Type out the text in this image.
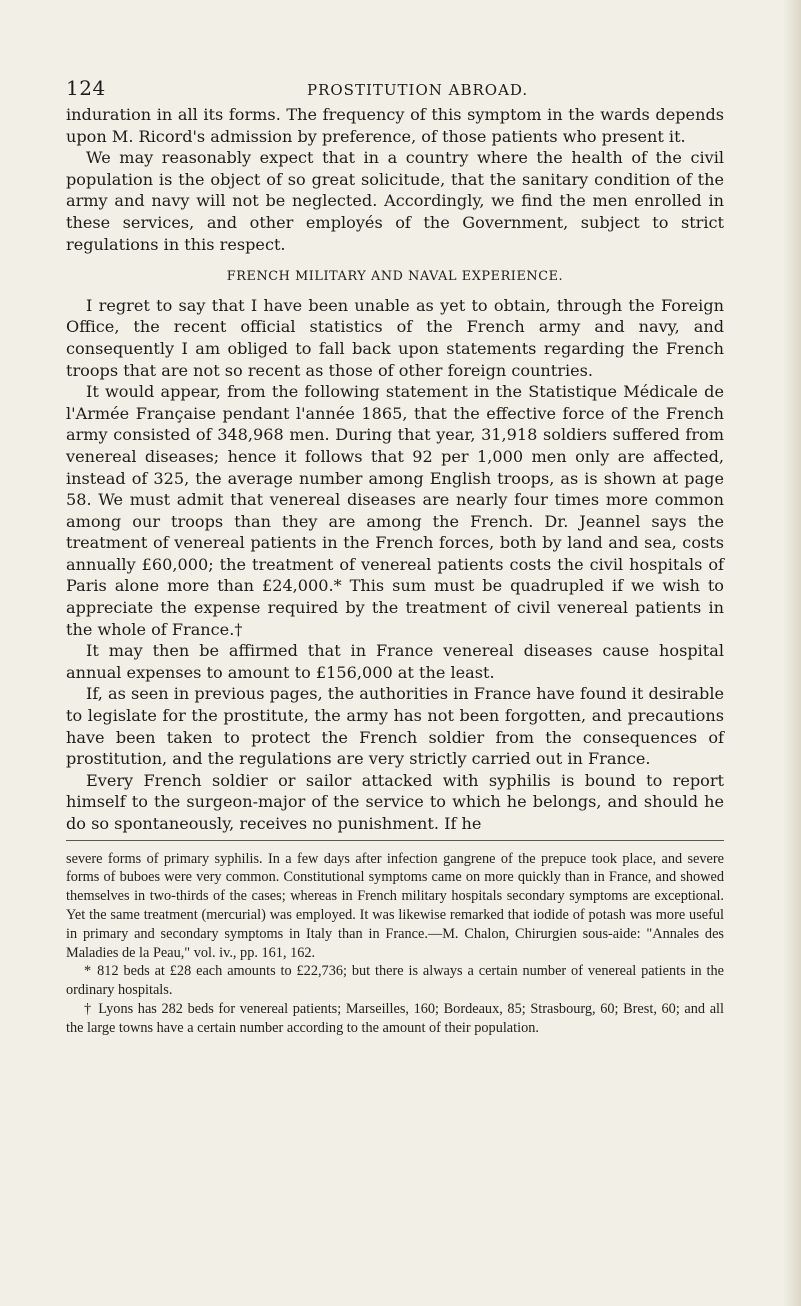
124	PROSTITUTION ABROAD.

induration in all its forms. The frequency of this symptom in the wards depends upon M. Ricord's admission by preference, of those patients who present it.

We may reasonably expect that in a country where the health of the civil population is the object of so great solicitude, that the sanitary condition of the army and navy will not be neglected. Accordingly, we find the men enrolled in these services, and other employés of the Government, subject to strict regulations in this respect.

FRENCH MILITARY AND NAVAL EXPERIENCE.

I regret to say that I have been unable as yet to obtain, through the Foreign Office, the recent official statistics of the French army and navy, and consequently I am obliged to fall back upon statements regarding the French troops that are not so recent as those of other foreign countries.

It would appear, from the following statement in the Statistique Médicale de l'Armée Française pendant l'année 1865, that the effective force of the French army consisted of 348,968 men. During that year, 31,918 soldiers suffered from venereal diseases; hence it follows that 92 per 1,000 men only are affected, instead of 325, the average number among English troops, as is shown at page 58. We must admit that venereal diseases are nearly four times more common among our troops than they are among the French. Dr. Jeannel says the treatment of venereal patients in the French forces, both by land and sea, costs annually £60,000; the treatment of venereal patients costs the civil hospitals of Paris alone more than £24,000.* This sum must be quadrupled if we wish to appreciate the expense required by the treatment of civil venereal patients in the whole of France.†

It may then be affirmed that in France venereal diseases cause hospital annual expenses to amount to £156,000 at the least.

If, as seen in previous pages, the authorities in France have found it desirable to legislate for the prostitute, the army has not been forgotten, and precautions have been taken to protect the French soldier from the consequences of prostitution, and the regulations are very strictly carried out in France.

Every French soldier or sailor attacked with syphilis is bound to report himself to the surgeon-major of the service to which he belongs, and should he do so spontaneously, receives no punishment. If he

severe forms of primary syphilis. In a few days after infection gangrene of the prepuce took place, and severe forms of buboes were very common. Constitutional symptoms came on more quickly than in France, and showed themselves in two-thirds of the cases; whereas in French military hospitals secondary symptoms are exceptional. Yet the same treatment (mercurial) was employed. It was likewise remarked that iodide of potash was more useful in primary and secondary symptoms in Italy than in France.—M. Chalon, Chirurgien sous-aide: "Annales des Maladies de la Peau," vol. iv., pp. 161, 162.

* 812 beds at £28 each amounts to £22,736; but there is always a certain number of venereal patients in the ordinary hospitals.

† Lyons has 282 beds for venereal patients; Marseilles, 160; Bordeaux, 85; Strasbourg, 60; Brest, 60; and all the large towns have a certain number according to the amount of their population.
